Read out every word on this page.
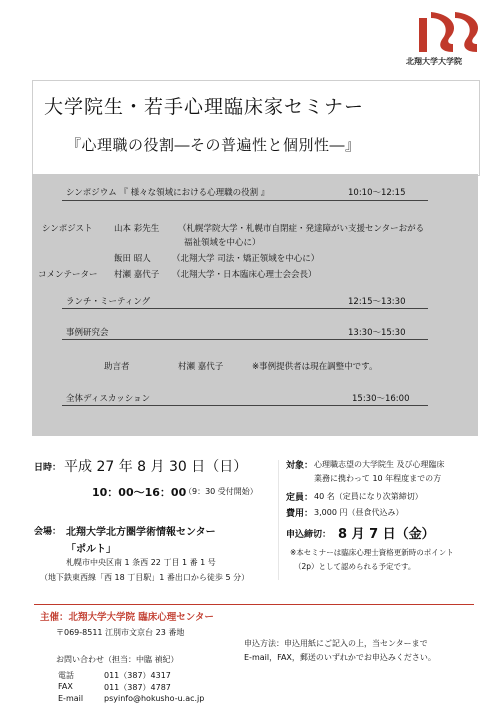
北翔大学大学院
大学院生・若手心理臨床家セミナー
『心理職の役割―その普遍性と個別性―』
シンポジウム 『 様々な領域における心理職の役割 』	10:10～12:15
シンポジスト	山本 彩先生 （札幌学院大学・札幌市自閉症・発達障がい支援センターおがる
福祉領域を中心に）
飯田 昭人	（北翔大学 司法・矯正領域を中心に）
コメンテーター 村瀬 嘉代子 （北翔大学・日本臨床心理士会会長）
ランチ・ミーティング	12:15～13:30
事例研究会	13:30～15:30
助言者	村瀬 嘉代子	※事例提供者は現在調整中です。
全体ディスカッション	15:30～16:00
日時： 平成 27 年 8 月 30 日（日）
10：00～16：00
（9：30 受付開始）
会場： 北翔大学北方圏学術情報センター
「ポルト」
札幌市中央区南 1 条西 22 丁目 1 番 1 号
（地下鉄東西線「西 18 丁目駅」1 番出口から徒歩 5 分）
対象： 心理職志望の大学院生 及び心理臨床
業務に携わって 10 年程度までの方
定員： 40 名（定員になり次第締切）
費用： 3,000 円（昼食代込み）
申込締切： 8 月 7 日（金）
※本セミナーは臨床心理士資格更新時のポイント
（2p）として認められる予定です。
主催：北翔大学大学院 臨床心理センター
〒069-8511 江別市文京台 23 番地
お問い合わせ（担当：中臨 禎紀）
電話	011（387）4317
FAX	011（387）4787
E-mail	psyinfo@hokusho-u.ac.jp
申込方法：申込用紙にご記入の上，当センターまで
E-mail，FAX，郵送のいずれかでお申込みください。
